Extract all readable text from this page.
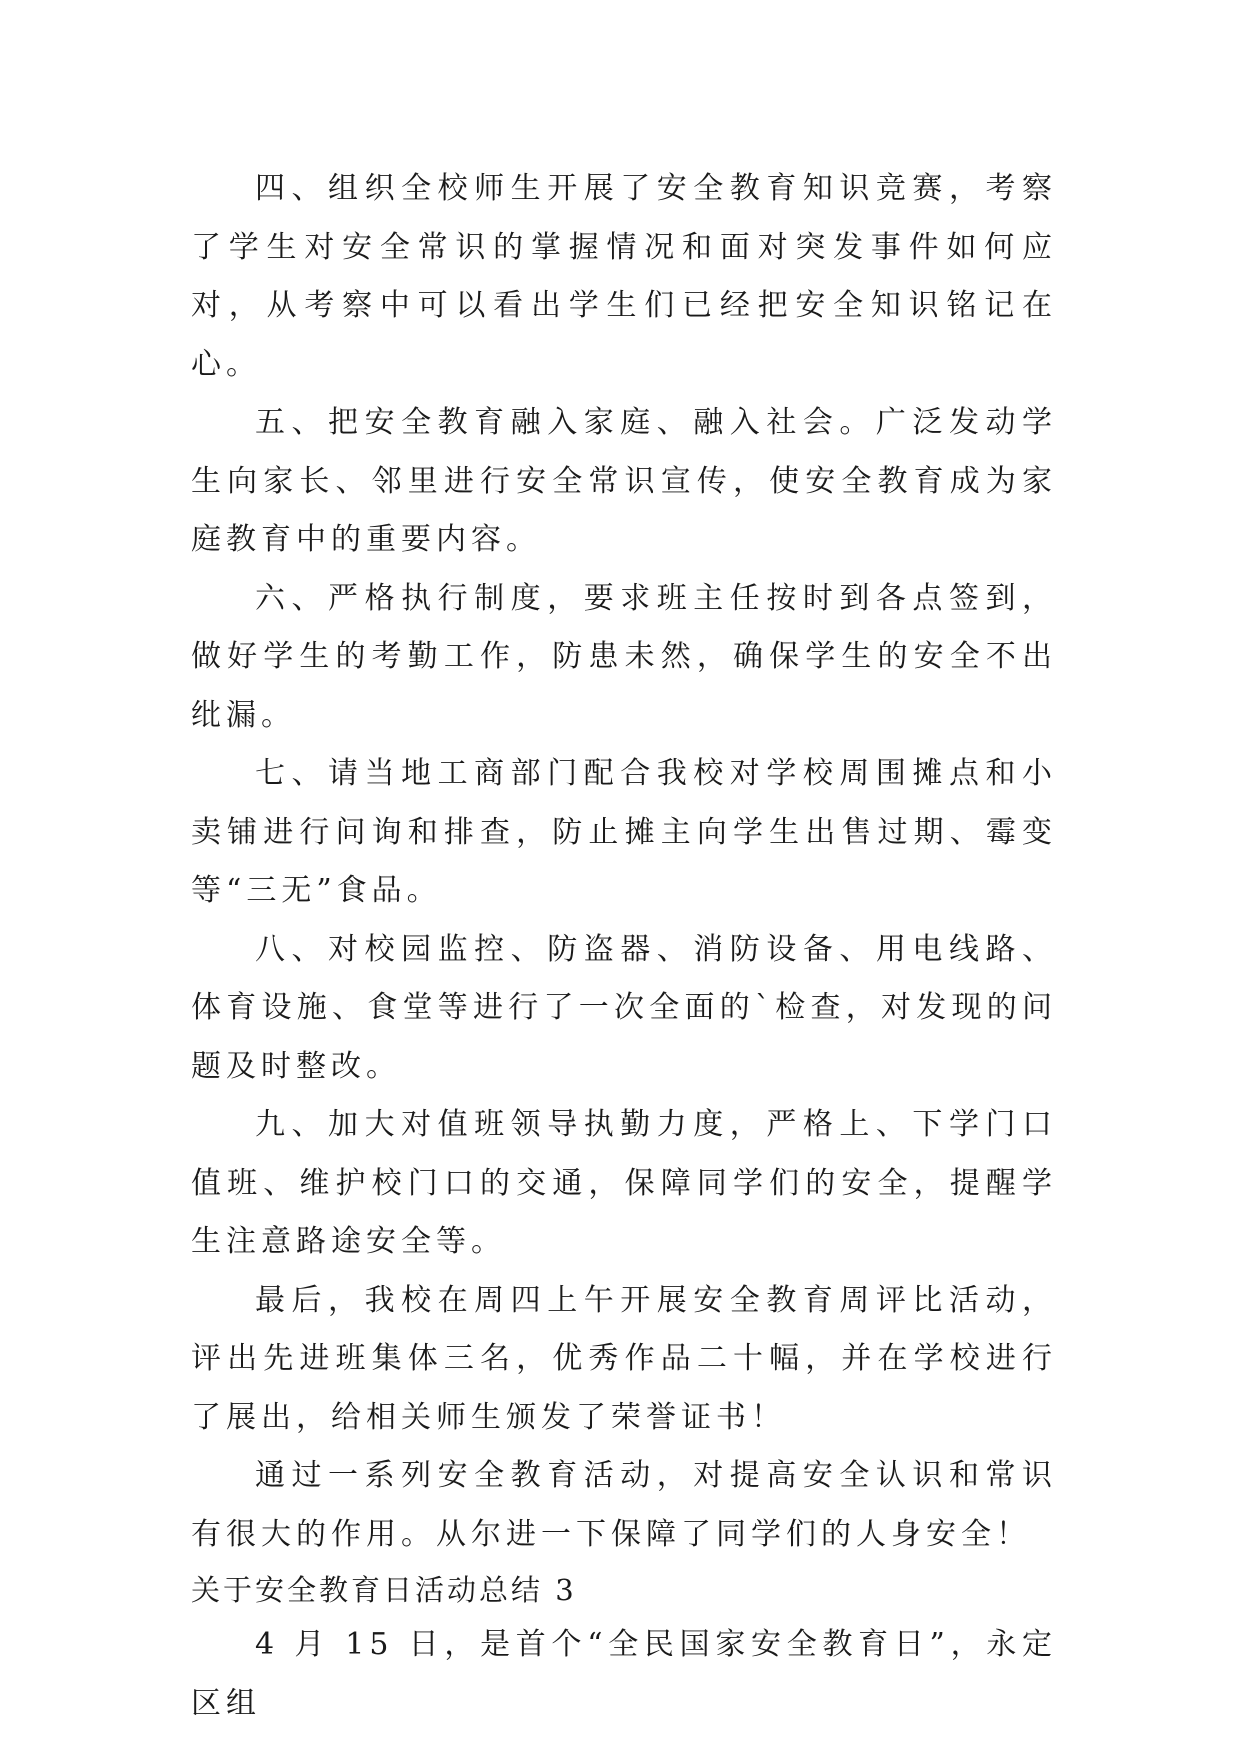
四、组织全校师生开展了安全教育知识竞赛，考察了学生对安全常识的掌握情况和面对突发事件如何应对，从考察中可以看出学生们已经把安全知识铭记在心。

五、把安全教育融入家庭、融入社会。广泛发动学生向家长、邻里进行安全常识宣传，使安全教育成为家庭教育中的重要内容。

六、严格执行制度，要求班主任按时到各点签到，做好学生的考勤工作，防患未然，确保学生的安全不出纰漏。

七、请当地工商部门配合我校对学校周围摊点和小卖铺进行问询和排查，防止摊主向学生出售过期、霉变等“三无”食品。

八、对校园监控、防盗器、消防设备、用电线路、体育设施、食堂等进行了一次全面的`检查，对发现的问题及时整改。

九、加大对值班领导执勤力度，严格上、下学门口值班、维护校门口的交通，保障同学们的安全，提醒学生注意路途安全等。

最后，我校在周四上午开展安全教育周评比活动，评出先进班集体三名，优秀作品二十幅，并在学校进行了展出，给相关师生颁发了荣誉证书！

通过一系列安全教育活动，对提高安全认识和常识有很大的作用。从尔进一下保障了同学们的人身安全！

关于安全教育日活动总结 3

4 月 15 日，是首个“全民国家安全教育日”，永定区组
